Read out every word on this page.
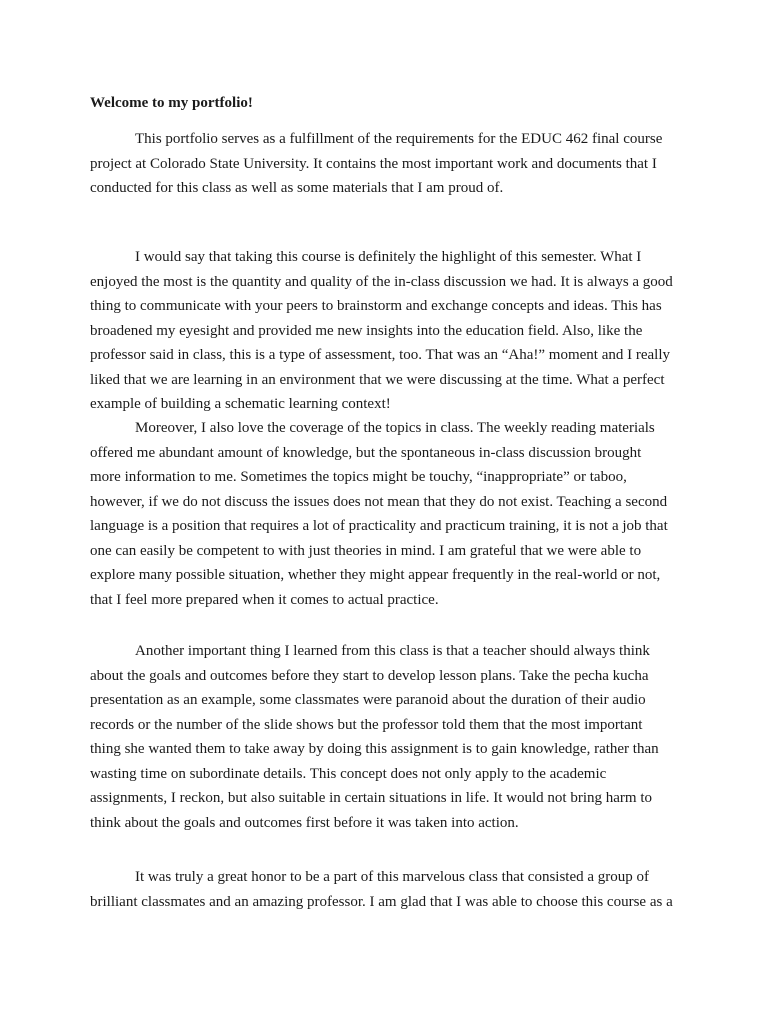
Welcome to my portfolio!

This portfolio serves as a fulfillment of the requirements for the EDUC 462 final course
project at Colorado State University. It contains the most important work and documents that I
conducted for this class as well as some materials that I am proud of.

I would say that taking this course is definitely the highlight of this semester. What I
enjoyed the most is the quantity and quality of the in-class discussion we had. It is always a good
thing to communicate with your peers to brainstorm and exchange concepts and ideas. This has
broadened my eyesight and provided me new insights into the education field. Also, like the
professor said in class, this is a type of assessment, too. That was an “Aha!” moment and I really
liked that we are learning in an environment that we were discussing at the time. What a perfect
example of building a schematic learning context!

Moreover, I also love the coverage of the topics in class. The weekly reading materials
offered me abundant amount of knowledge, but the spontaneous in-class discussion brought
more information to me. Sometimes the topics might be touchy, “inappropriate” or taboo,
however, if we do not discuss the issues does not mean that they do not exist. Teaching a second
language is a position that requires a lot of practicality and practicum training, it is not a job that
one can easily be competent to with just theories in mind. I am grateful that we were able to
explore many possible situation, whether they might appear frequently in the real-world or not,
that I feel more prepared when it comes to actual practice.

Another important thing I learned from this class is that a teacher should always think
about the goals and outcomes before they start to develop lesson plans. Take the pecha kucha
presentation as an example, some classmates were paranoid about the duration of their audio
records or the number of the slide shows but the professor told them that the most important
thing she wanted them to take away by doing this assignment is to gain knowledge, rather than
wasting time on subordinate details. This concept does not only apply to the academic
assignments, I reckon, but also suitable in certain situations in life. It would not bring harm to
think about the goals and outcomes first before it was taken into action.

It was truly a great honor to be a part of this marvelous class that consisted a group of
brilliant classmates and an amazing professor. I am glad that I was able to choose this course as a
